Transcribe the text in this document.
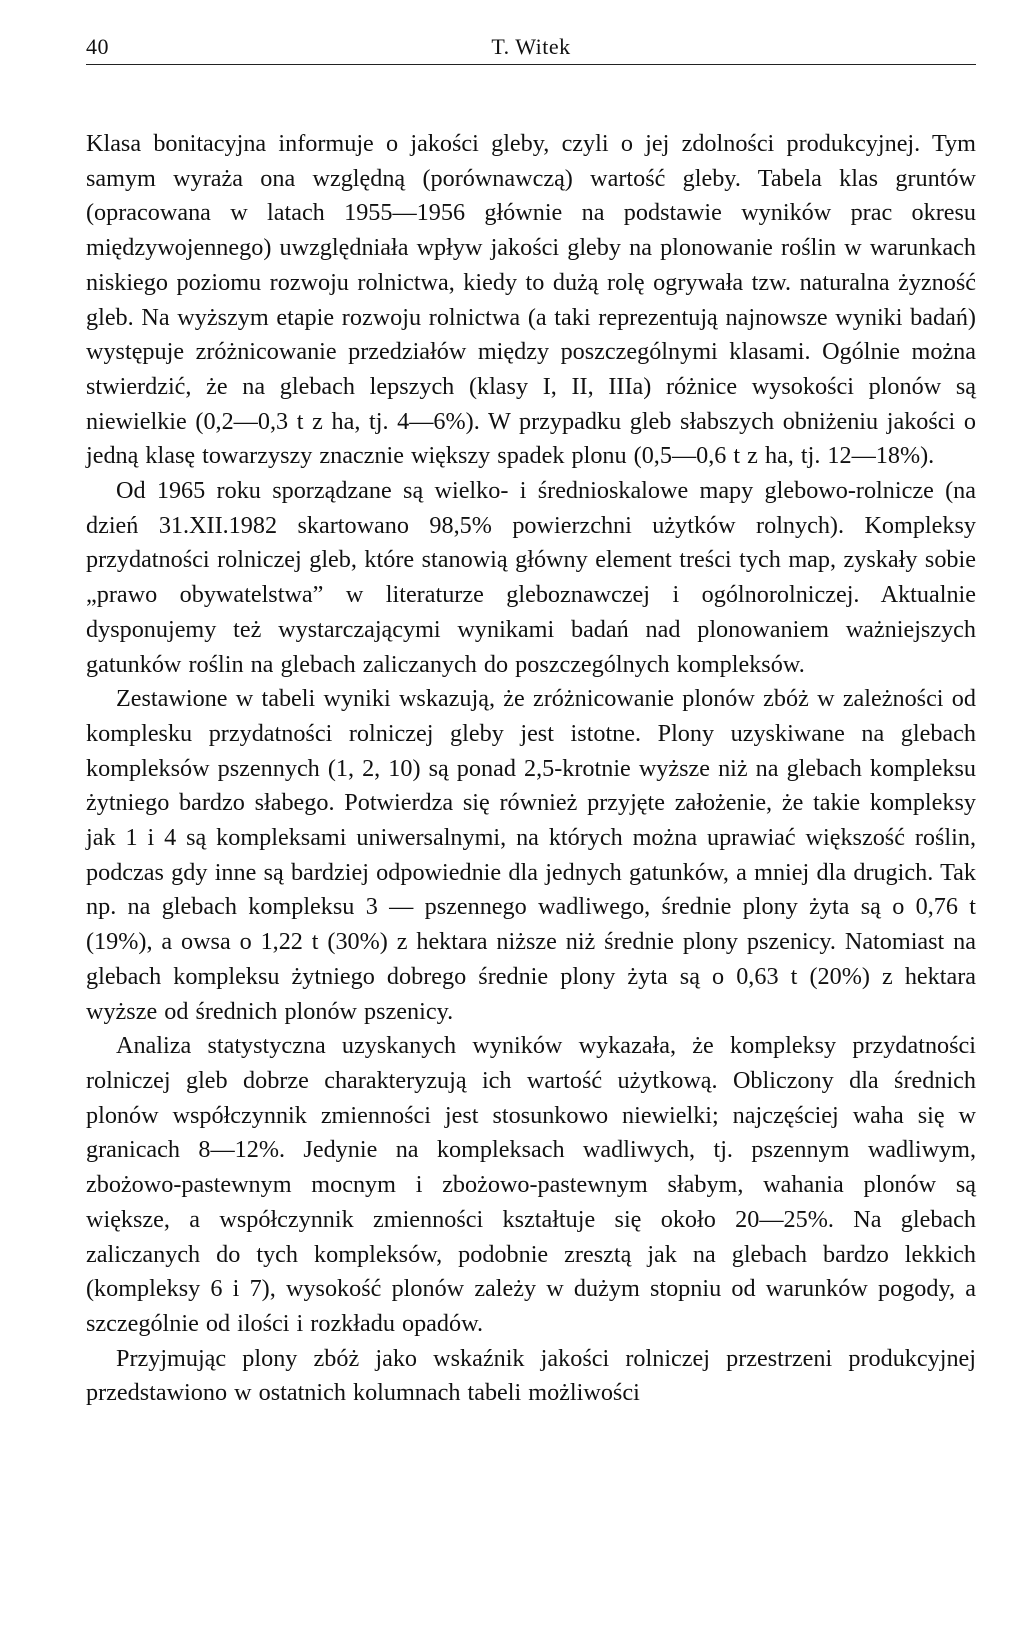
40	T. Witek

Klasa bonitacyjna informuje o jakości gleby, czyli o jej zdolności produkcyjnej. Tym samym wyraża ona względną (porównawczą) wartość gleby. Tabela klas gruntów (opracowana w latach 1955—1956 głównie na podstawie wyników prac okresu międzywojennego) uwzględniała wpływ jakości gleby na plonowanie roślin w warunkach niskiego poziomu rozwoju rolnictwa, kiedy to dużą rolę ogrywała tzw. naturalna żyzność gleb. Na wyższym etapie rozwoju rolnictwa (a taki reprezentują najnowsze wyniki badań) występuje zróżnicowanie przedziałów między poszczególnymi klasami. Ogólnie można stwierdzić, że na glebach lepszych (klasy I, II, IIIa) różnice wysokości plonów są niewielkie (0,2—0,3 t z ha, tj. 4—6%). W przypadku gleb słabszych obniżeniu jakości o jedną klasę towarzyszy znacznie większy spadek plonu (0,5—0,6 t z ha, tj. 12—18%).

Od 1965 roku sporządzane są wielko- i średnioskalowe mapy glebowo-rolnicze (na dzień 31.XII.1982 skartowano 98,5% powierzchni użytków rolnych). Kompleksy przydatności rolniczej gleb, które stanowią główny element treści tych map, zyskały sobie „prawo obywatelstwa” w literaturze gleboznawczej i ogólnorolniczej. Aktualnie dysponujemy też wystarczającymi wynikami badań nad plonowaniem ważniejszych gatunków roślin na glebach zaliczanych do poszczególnych kompleksów.

Zestawione w tabeli wyniki wskazują, że zróżnicowanie plonów zbóż w zależności od komplesku przydatności rolniczej gleby jest istotne. Plony uzyskiwane na glebach kompleksów pszennych (1, 2, 10) są ponad 2,5-krotnie wyższe niż na glebach kompleksu żytniego bardzo słabego. Potwierdza się również przyjęte założenie, że takie kompleksy jak 1 i 4 są kompleksami uniwersalnymi, na których można uprawiać większość roślin, podczas gdy inne są bardziej odpowiednie dla jednych gatunków, a mniej dla drugich. Tak np. na glebach kompleksu 3 — pszennego wadliwego, średnie plony żyta są o 0,76 t (19%), a owsa o 1,22 t (30%) z hektara niższe niż średnie plony pszenicy. Natomiast na glebach kompleksu żytniego dobrego średnie plony żyta są o 0,63 t (20%) z hektara wyższe od średnich plonów pszenicy.

Analiza statystyczna uzyskanych wyników wykazała, że kompleksy przydatności rolniczej gleb dobrze charakteryzują ich wartość użytkową. Obliczony dla średnich plonów współczynnik zmienności jest stosunkowo niewielki; najczęściej waha się w granicach 8—12%. Jedynie na kompleksach wadliwych, tj. pszennym wadliwym, zbożowo-pastewnym mocnym i zbożowo-pastewnym słabym, wahania plonów są większe, a współczynnik zmienności kształtuje się około 20—25%. Na glebach zaliczanych do tych kompleksów, podobnie zresztą jak na glebach bardzo lekkich (kompleksy 6 i 7), wysokość plonów zależy w dużym stopniu od warunków pogody, a szczególnie od ilości i rozkładu opadów.

Przyjmując plony zbóż jako wskaźnik jakości rolniczej przestrzeni produkcyjnej przedstawiono w ostatnich kolumnach tabeli możliwości
